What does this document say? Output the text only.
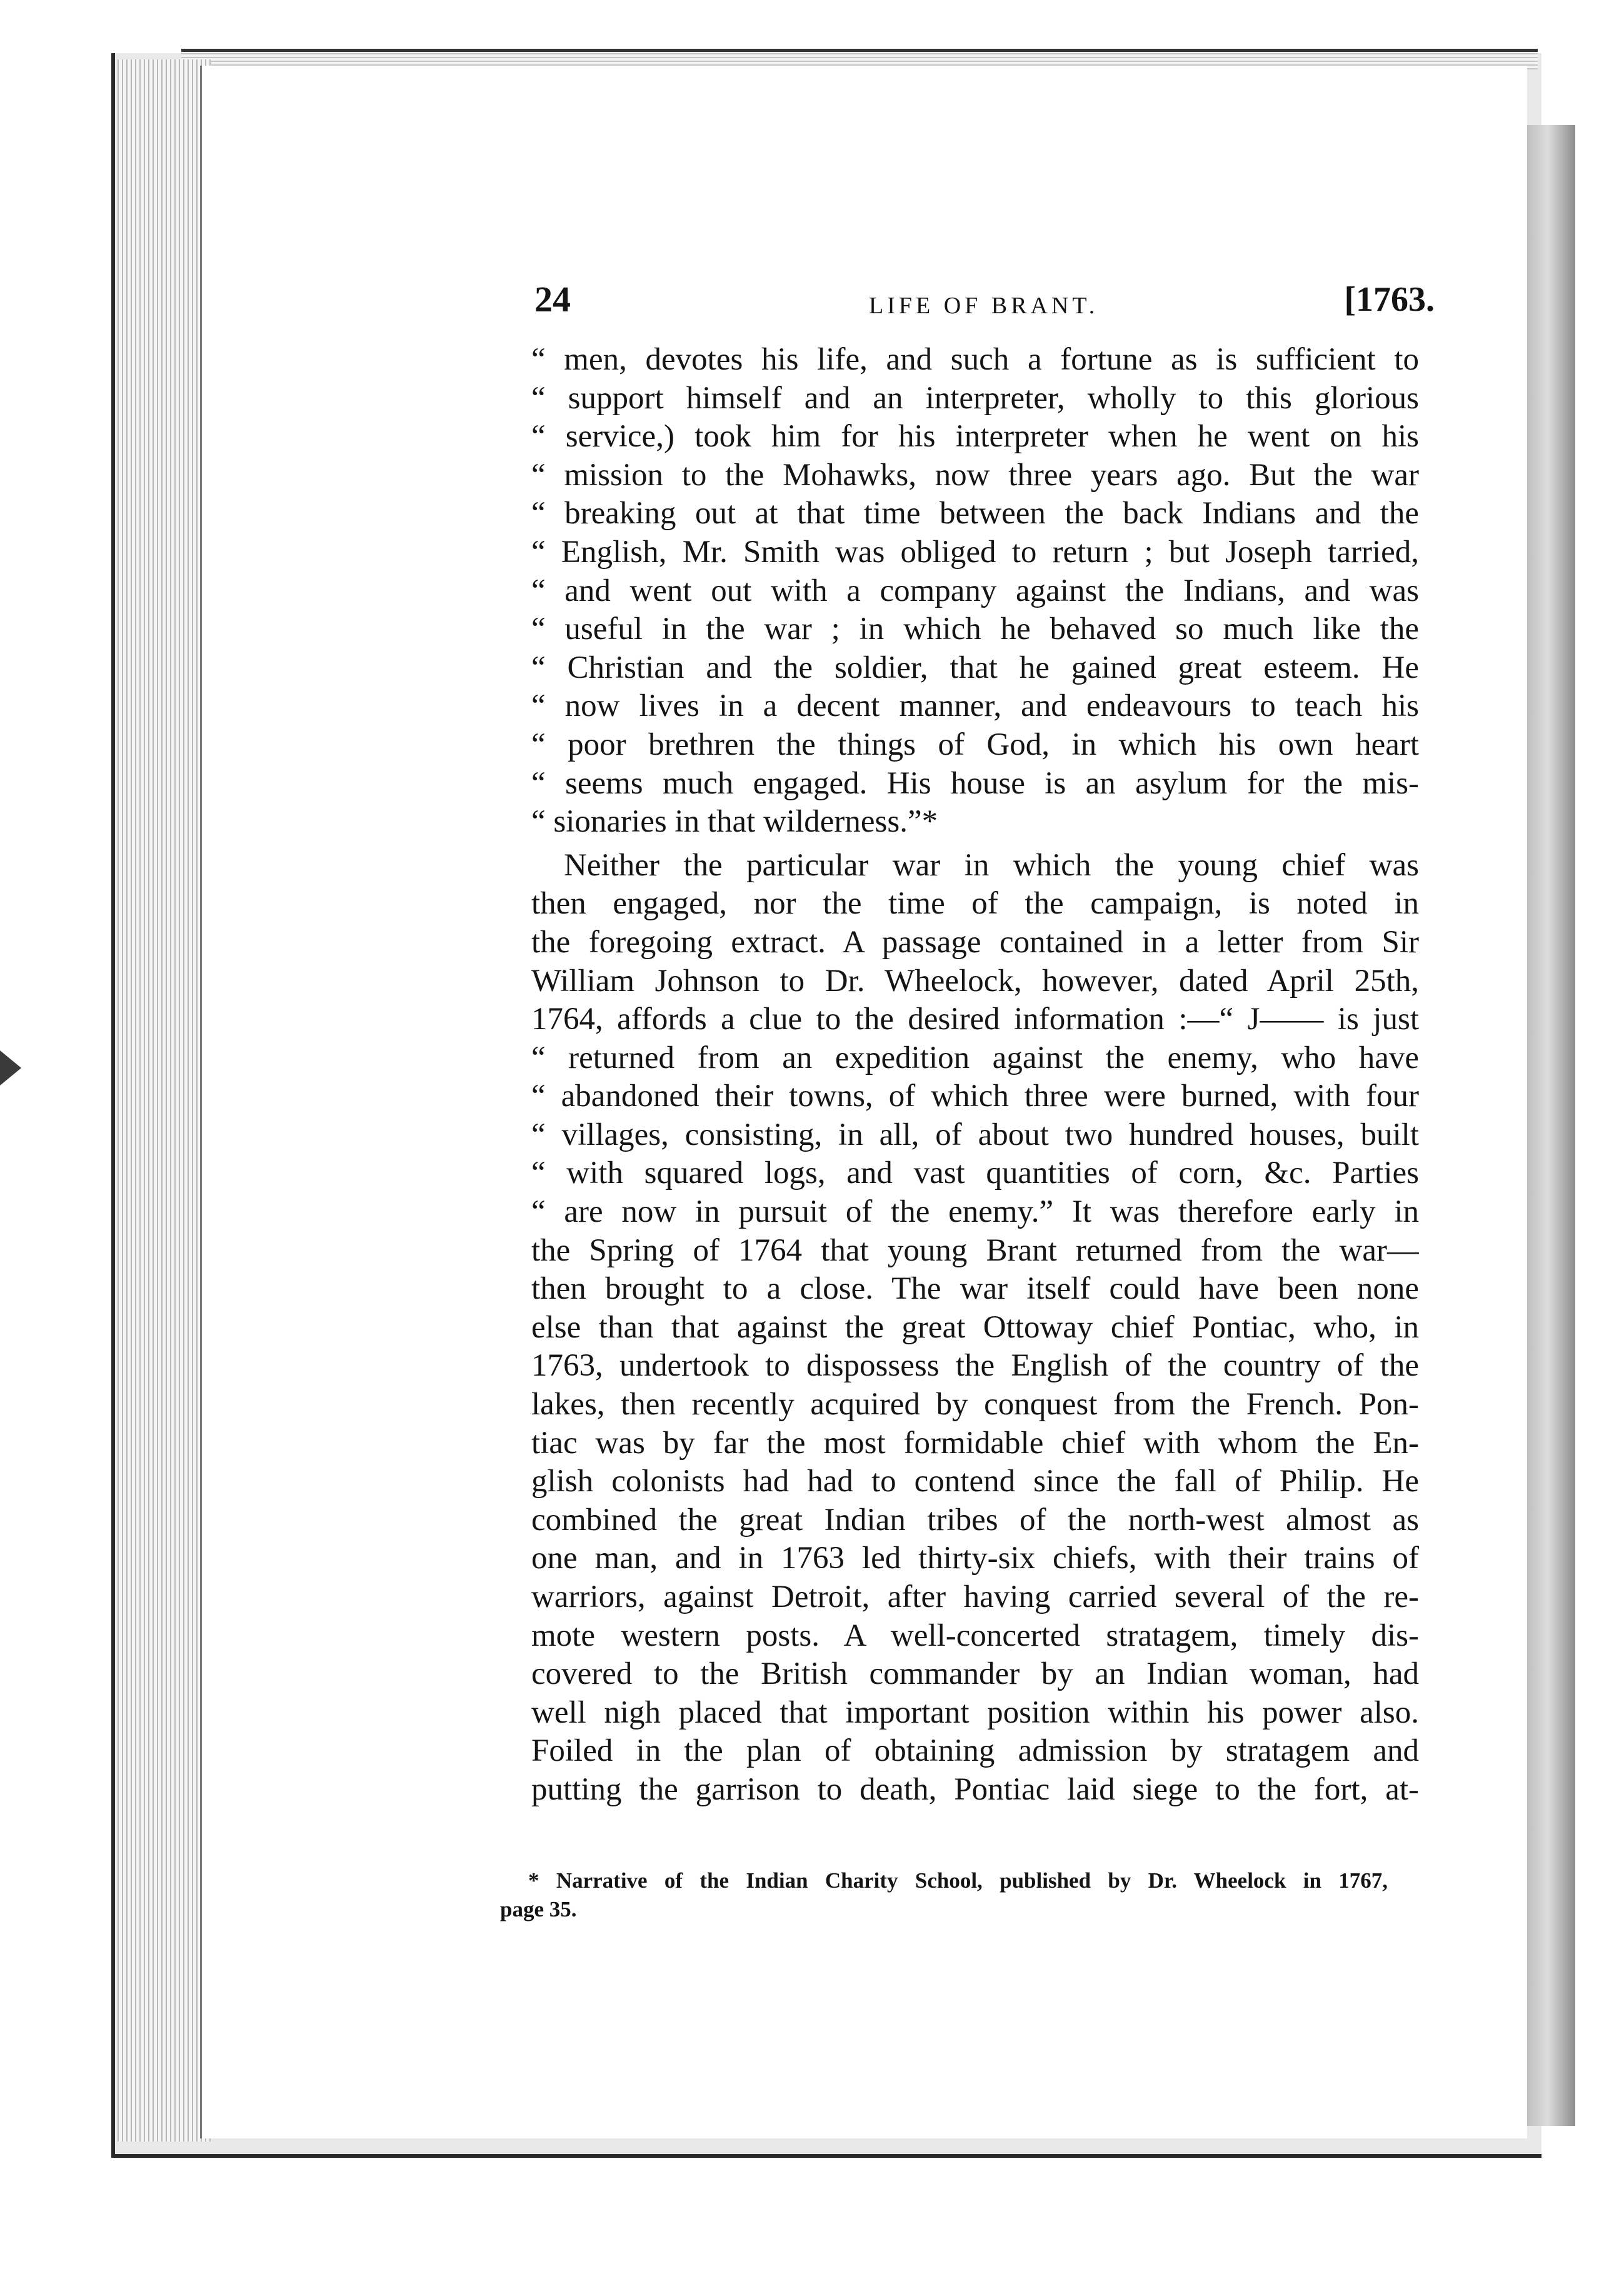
24	LIFE OF BRANT.	[1763.
“ men, devotes his life, and such a fortune as is sufficient to
“ support himself and an interpreter, wholly to this glorious
“ service,) took him for his interpreter when he went on his
“ mission to the Mohawks, now three years ago. But the war
“ breaking out at that time between the back Indians and the
“ English, Mr. Smith was obliged to return ; but Joseph tarried,
“ and went out with a company against the Indians, and was
“ useful in the war ; in which he behaved so much like the
“ Christian and the soldier, that he gained great esteem. He
“ now lives in a decent manner, and endeavours to teach his
“ poor brethren the things of God, in which his own heart
“ seems much engaged. His house is an asylum for the mis-
“ sionaries in that wilderness.”*
Neither the particular war in which the young chief was
then engaged, nor the time of the campaign, is noted in
the foregoing extract. A passage contained in a letter from Sir
William Johnson to Dr. Wheelock, however, dated April 25th,
1764, affords a clue to the desired information :—“ J—— is just
“ returned from an expedition against the enemy, who have
“ abandoned their towns, of which three were burned, with four
“ villages, consisting, in all, of about two hundred houses, built
“ with squared logs, and vast quantities of corn, &c. Parties
“ are now in pursuit of the enemy.” It was therefore early in
the Spring of 1764 that young Brant returned from the war—
then brought to a close. The war itself could have been none
else than that against the great Ottoway chief Pontiac, who, in
1763, undertook to dispossess the English of the country of the
lakes, then recently acquired by conquest from the French. Pon-
tiac was by far the most formidable chief with whom the En-
glish colonists had had to contend since the fall of Philip. He
combined the great Indian tribes of the north-west almost as
one man, and in 1763 led thirty-six chiefs, with their trains of
warriors, against Detroit, after having carried several of the re-
mote western posts. A well-concerted stratagem, timely dis-
covered to the British commander by an Indian woman, had
well nigh placed that important position within his power also.
Foiled in the plan of obtaining admission by stratagem and
putting the garrison to death, Pontiac laid siege to the fort, at-
* Narrative of the Indian Charity School, published by Dr. Wheelock in 1767,
page 35.
